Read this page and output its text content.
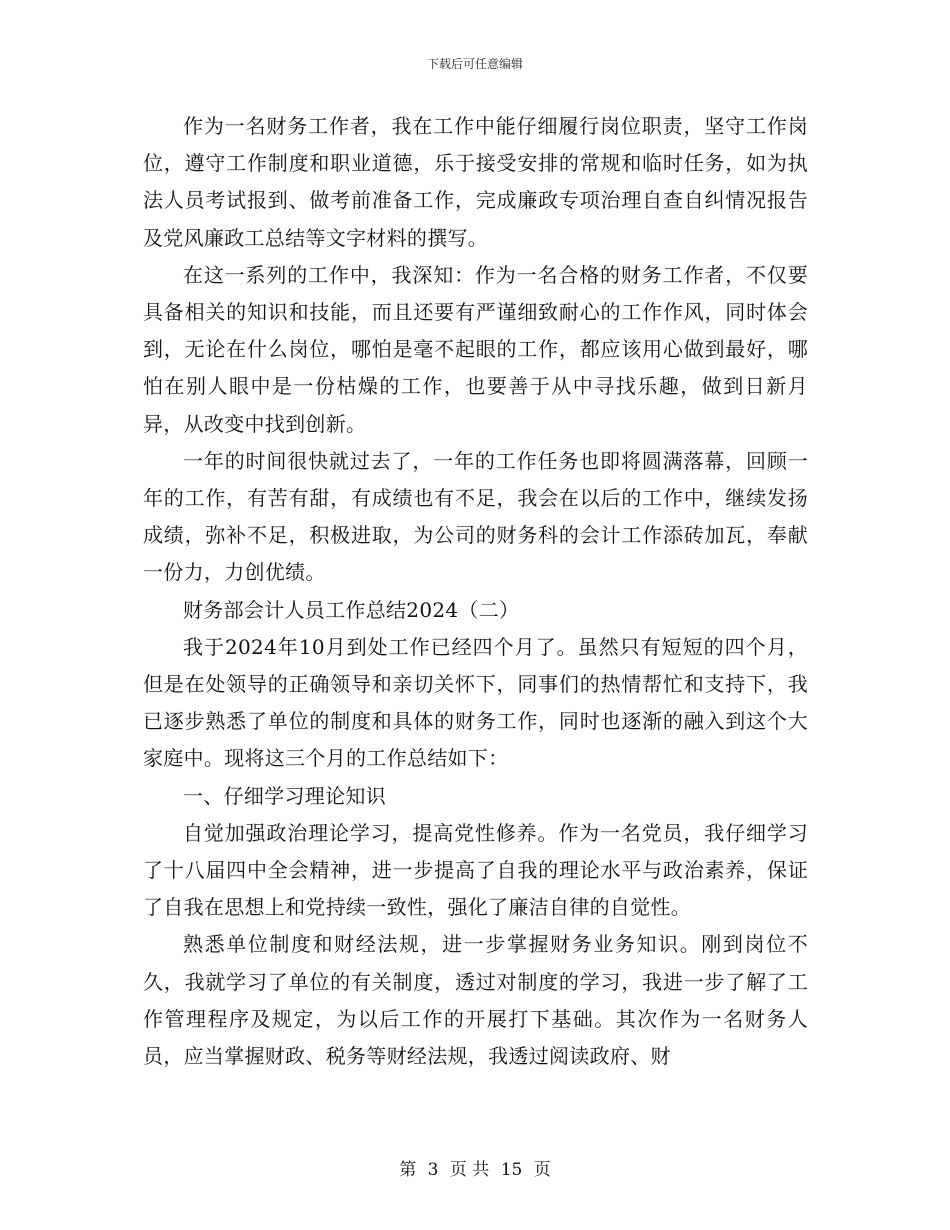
下载后可任意编辑

作为一名财务工作者，我在工作中能仔细履行岗位职责，坚守工作岗位，遵守工作制度和职业道德，乐于接受安排的常规和临时任务，如为执法人员考试报到、做考前准备工作，完成廉政专项治理自查自纠情况报告及党风廉政工总结等文字材料的撰写。

在这一系列的工作中，我深知：作为一名合格的财务工作者，不仅要具备相关的知识和技能，而且还要有严谨细致耐心的工作作风，同时体会到，无论在什么岗位，哪怕是毫不起眼的工作，都应该用心做到最好，哪怕在别人眼中是一份枯燥的工作，也要善于从中寻找乐趣，做到日新月异，从改变中找到创新。

一年的时间很快就过去了，一年的工作任务也即将圆满落幕，回顾一年的工作，有苦有甜，有成绩也有不足，我会在以后的工作中，继续发扬成绩，弥补不足，积极进取，为公司的财务科的会计工作添砖加瓦，奉献一份力，力创优绩。

财务部会计人员工作总结2024（二）

我于2024年10月到处工作已经四个月了。虽然只有短短的四个月，但是在处领导的正确领导和亲切关怀下，同事们的热情帮忙和支持下，我已逐步熟悉了单位的制度和具体的财务工作，同时也逐渐的融入到这个大家庭中。现将这三个月的工作总结如下：

一、仔细学习理论知识

自觉加强政治理论学习，提高党性修养。作为一名党员，我仔细学习了十八届四中全会精神，进一步提高了自我的理论水平与政治素养，保证了自我在思想上和党持续一致性，强化了廉洁自律的自觉性。

熟悉单位制度和财经法规，进一步掌握财务业务知识。刚到岗位不久，我就学习了单位的有关制度，透过对制度的学习，我进一步了解了工作管理程序及规定，为以后工作的开展打下基础。其次作为一名财务人员，应当掌握财政、税务等财经法规，我透过阅读政府、财

第 3 页 共 15 页
